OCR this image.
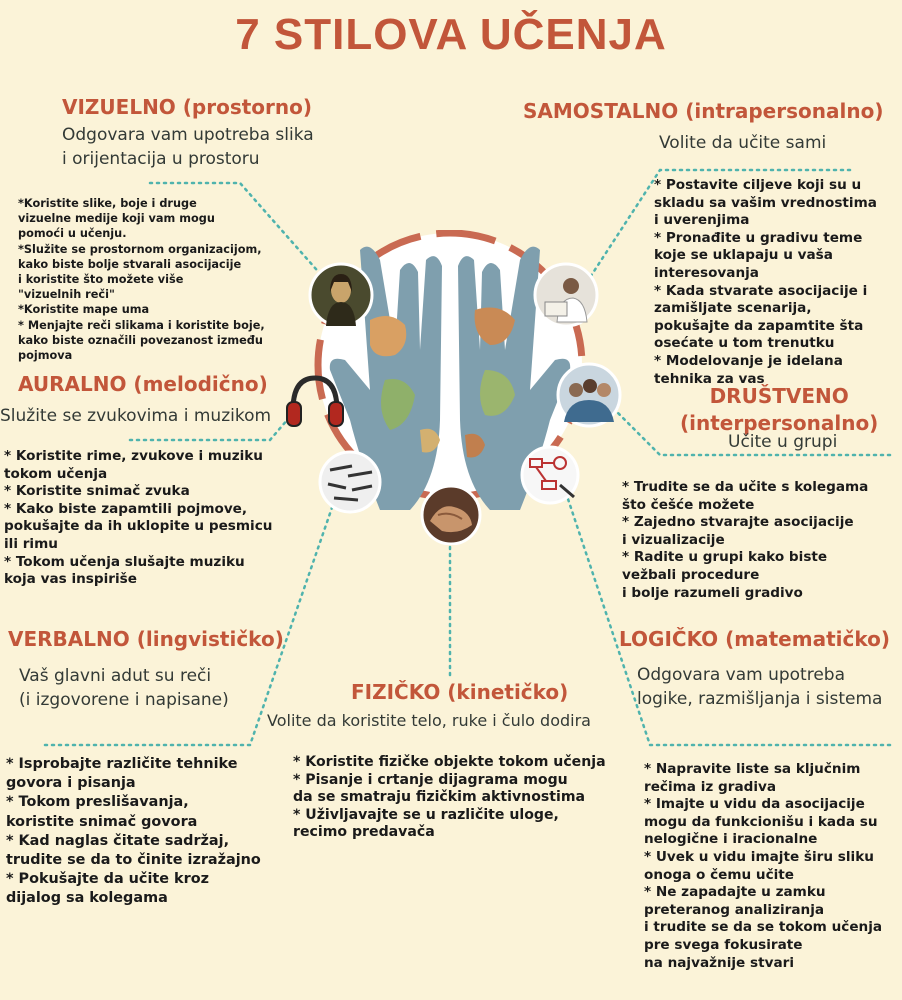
7 STILOVA UČENJA
VIZUELNO (prostorno)
Odgovara vam upotreba slika
i orijentacija u prostoru
*Koristite slike, boje i druge
vizuelne medije koji vam mogu
pomoći u učenju.
*Služite se prostornom organizacijom,
kako biste bolje stvarali asocijacije
i koristite što možete više
"vizuelnih reči"
*Koristite mape uma
* Menjajte reči slikama i koristite boje,
kako biste označili povezanost između
pojmova
SAMOSTALNO (intrapersonalno)
Volite da učite sami
* Postavite ciljeve koji su u
skladu sa vašim vrednostima
i uverenjima
* Pronađite u gradivu teme
koje se uklapaju u vaša
interesovanja
* Kada stvarate asocijacije i
zamišljate scenarija,
pokušajte da zapamtite šta
osećate u tom trenutku
* Modelovanje je idelana
tehnika za vas
AURALNO (melodično)
Služite se zvukovima i muzikom
* Koristite rime, zvukove i muziku
tokom učenja
* Koristite snimač zvuka
* Kako biste zapamtili pojmove,
pokušajte da ih uklopite u pesmicu
ili rimu
* Tokom učenja slušajte muziku
koja vas inspiriše
DRUŠTVENO
(interpersonalno)
Učite u grupi
* Trudite se da učite s kolegama
što češće možete
* Zajedno stvarajte asocijacije
i vizualizacije
* Radite u grupi kako biste
vežbali procedure
i bolje razumeli gradivo
VERBALNO (lingvističko)
Vaš glavni adut su reči
(i izgovorene i napisane)
* Isprobajte različite tehnike
govora i pisanja
* Tokom preslišavanja,
koristite snimač govora
* Kad naglas čitate sadržaj,
trudite se da to činite izražajno
* Pokušajte da učite kroz
dijalog sa kolegama
FIZIČKO (kinetičko)
Volite da koristite telo, ruke i čulo dodira
* Koristite fizičke objekte tokom učenja
* Pisanje i crtanje dijagrama mogu
da se smatraju fizičkim aktivnostima
* Uživljavajte se u različite uloge,
recimo predavača
LOGIČKO (matematičko)
Odgovara vam upotreba
logike, razmišljanja i sistema
* Napravite liste sa ključnim
rečima iz gradiva
* Imajte u vidu da asocijacije
mogu da funkcionišu i kada su
nelogične i iracionalne
* Uvek u vidu imajte širu sliku
onoga o čemu učite
* Ne zapadajte u zamku
preteranog analiziranja
i trudite se da se tokom učenja
pre svega fokusirate
na najvažnije stvari
